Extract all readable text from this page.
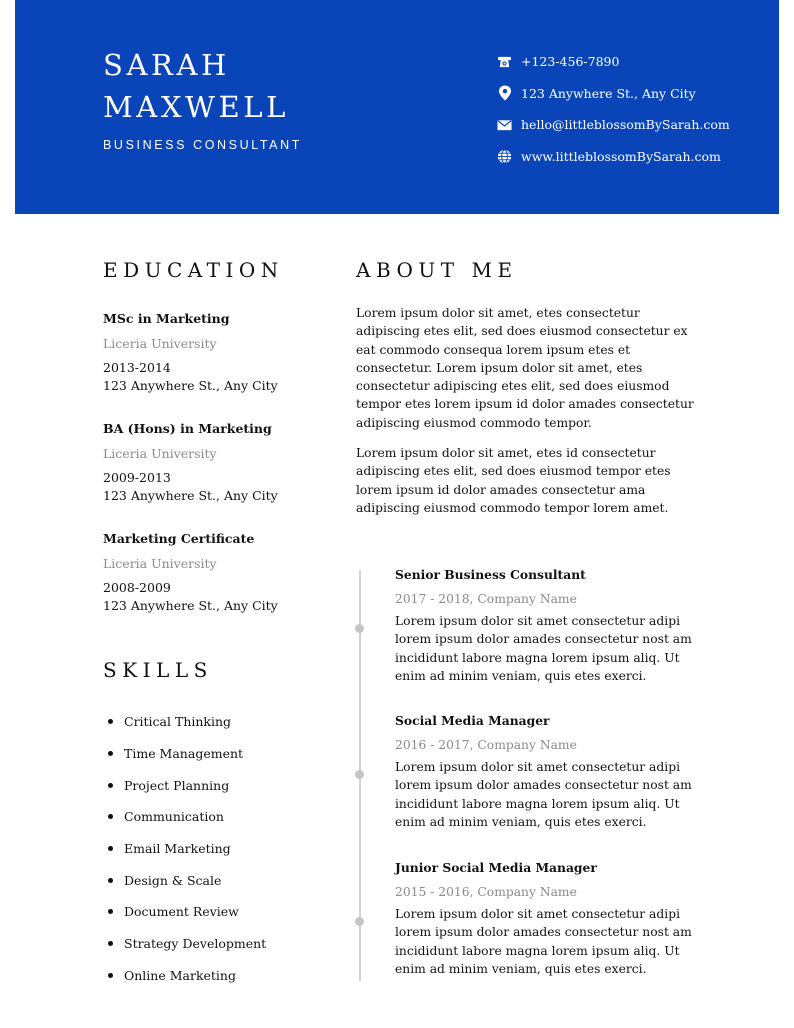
SARAH
MAXWELL
BUSINESS CONSULTANT
+123-456-7890
123 Anywhere St., Any City
hello@littleblossomBySarah.com
www.littleblossomBySarah.com
EDUCATION
MSc in Marketing
Liceria University
2013-2014
123 Anywhere St., Any City
BA (Hons) in Marketing
Liceria University
2009-2013
123 Anywhere St., Any City
Marketing Certificate
Liceria University
2008-2009
123 Anywhere St., Any City
SKILLS
Critical Thinking
Time Management
Project Planning
Communication
Email Marketing
Design & Scale
Document Review
Strategy Development
Online Marketing
ABOUT ME

Lorem ipsum dolor sit amet, etes consectetur adipiscing etes elit, sed does eiusmod consectetur ex eat commodo consequa lorem ipsum etes et consectetur. Lorem ipsum dolor sit amet, etes consectetur adipiscing etes elit, sed does eiusmod tempor etes lorem ipsum id dolor amades consectetur adipiscing eiusmod commodo tempor.

Lorem ipsum dolor sit amet, etes id consectetur adipiscing etes elit, sed does eiusmod tempor etes lorem ipsum id dolor amades consectetur ama adipiscing eiusmod commodo tempor lorem amet.

Senior Business Consultant
2017 - 2018, Company Name
Lorem ipsum dolor sit amet consectetur adipi lorem ipsum dolor amades consectetur nost am incididunt labore magna lorem ipsum aliq. Ut enim ad minim veniam, quis etes exerci.
Social Media Manager
2016 - 2017, Company Name
Lorem ipsum dolor sit amet consectetur adipi lorem ipsum dolor amades consectetur nost am incididunt labore magna lorem ipsum aliq. Ut enim ad minim veniam, quis etes exerci.
Junior Social Media Manager
2015 - 2016, Company Name
Lorem ipsum dolor sit amet consectetur adipi lorem ipsum dolor amades consectetur nost am incididunt labore magna lorem ipsum aliq. Ut enim ad minim veniam, quis etes exerci.
